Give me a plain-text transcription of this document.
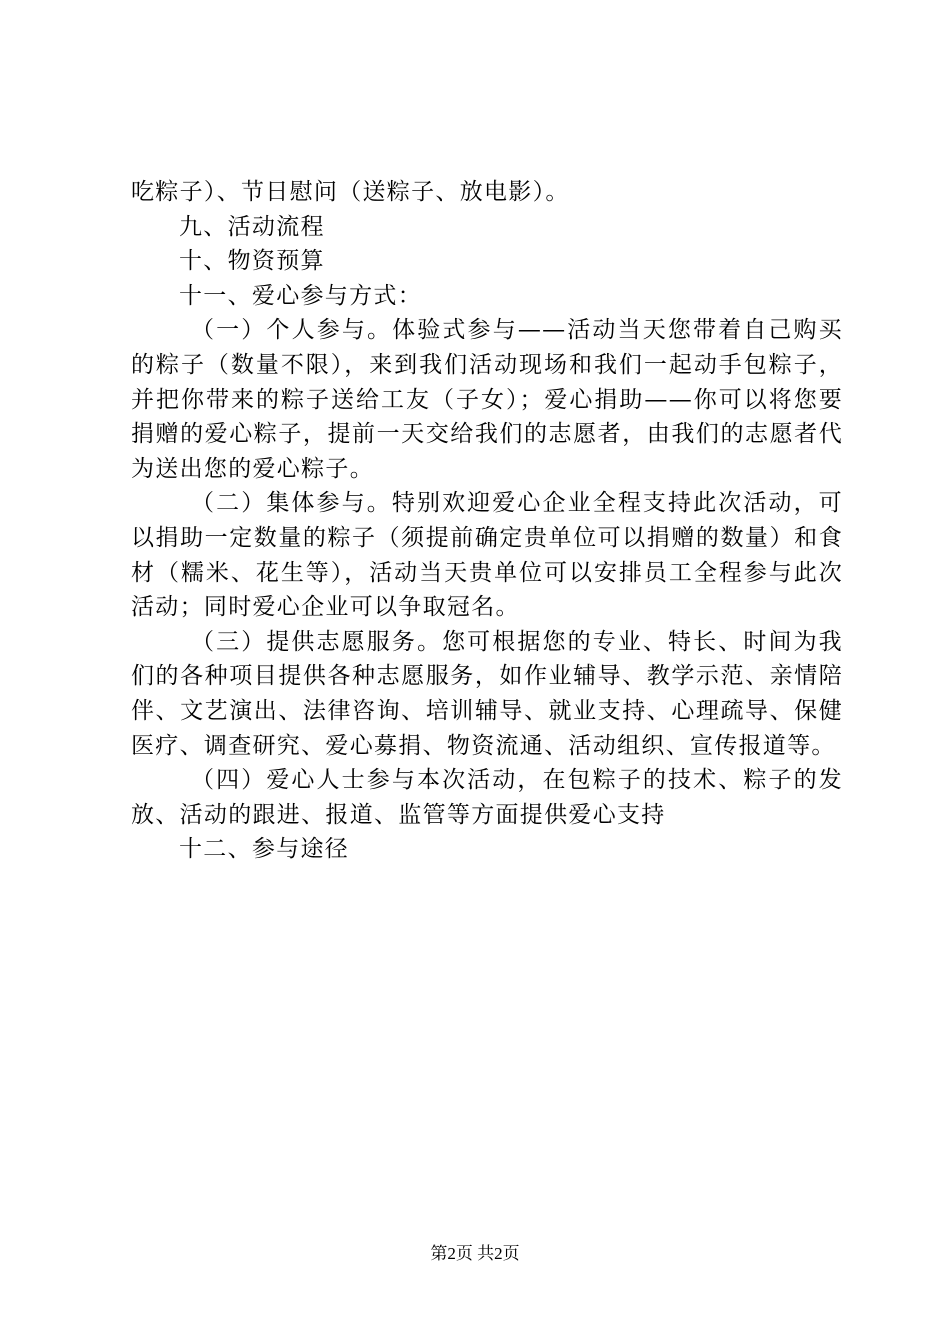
吃粽子）、节日慰问（送粽子、放电影）。

九、活动流程

十、物资预算

十一、爱心参与方式：

（一）个人参与。体验式参与——活动当天您带着自己购买的粽子（数量不限），来到我们活动现场和我们一起动手包粽子，并把你带来的粽子送给工友（子女）；爱心捐助——你可以将您要捐赠的爱心粽子，提前一天交给我们的志愿者，由我们的志愿者代为送出您的爱心粽子。

（二）集体参与。特别欢迎爱心企业全程支持此次活动，可以捐助一定数量的粽子（须提前确定贵单位可以捐赠的数量）和食材（糯米、花生等），活动当天贵单位可以安排员工全程参与此次活动；同时爱心企业可以争取冠名。

（三）提供志愿服务。您可根据您的专业、特长、时间为我们的各种项目提供各种志愿服务，如作业辅导、教学示范、亲情陪伴、文艺演出、法律咨询、培训辅导、就业支持、心理疏导、保健医疗、调查研究、爱心募捐、物资流通、活动组织、宣传报道等。

（四）爱心人士参与本次活动，在包粽子的技术、粽子的发放、活动的跟进、报道、监管等方面提供爱心支持

十二、参与途径

第2页 共2页
